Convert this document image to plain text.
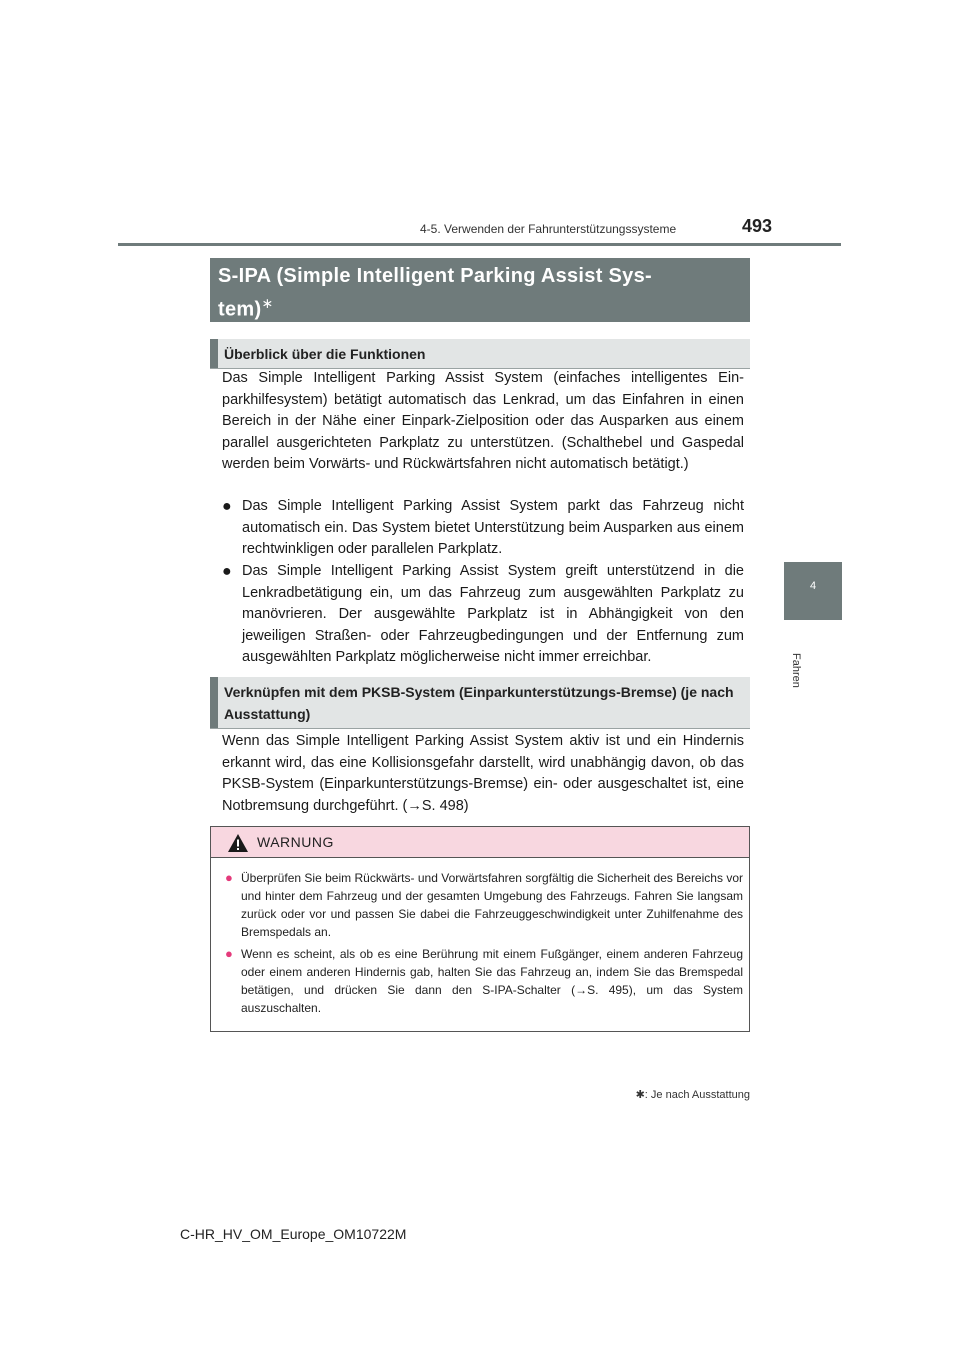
4-5. Verwenden der Fahrunterstützungssysteme	493
4
Fahren
S-IPA (Simple Intelligent Parking Assist Sys-
tem)∗
Überblick über die Funktionen
Das Simple Intelligent Parking Assist System (einfaches intelligentes Einparkhilfesystem) betätigt automatisch das Lenkrad, um das Einfahren in einen Bereich in der Nähe einer Einpark-Zielposition oder das Ausparken aus einem parallel ausgerichteten Parkplatz zu unterstützen. (Schalthebel und Gaspedal werden beim Vorwärts- und Rückwärtsfahren nicht automatisch betätigt.)
● Das Simple Intelligent Parking Assist System parkt das Fahrzeug nicht automatisch ein. Das System bietet Unterstützung beim Ausparken aus einem rechtwinkligen oder parallelen Parkplatz.
● Das Simple Intelligent Parking Assist System greift unterstützend in die Lenkradbetätigung ein, um das Fahrzeug zum ausgewählten Parkplatz zu manövrieren. Der ausgewählte Parkplatz ist in Abhängigkeit von den jeweiligen Straßen- oder Fahrzeugbedingungen und der Entfernung zum ausgewählten Parkplatz möglicherweise nicht immer erreichbar.
Verknüpfen mit dem PKSB-System (Einparkunterstützungs-Bremse) (je nach Ausstattung)
Wenn das Simple Intelligent Parking Assist System aktiv ist und ein Hindernis erkannt wird, das eine Kollisionsgefahr darstellt, wird unabhängig davon, ob das PKSB-System (Einparkunterstützungs-Bremse) ein- oder ausgeschaltet ist, eine Notbremsung durchgeführt. (→S. 498)
WARNUNG
● Überprüfen Sie beim Rückwärts- und Vorwärtsfahren sorgfältig die Sicherheit des Bereichs vor und hinter dem Fahrzeug und der gesamten Umgebung des Fahrzeugs. Fahren Sie langsam zurück oder vor und passen Sie dabei die Fahrzeuggeschwindigkeit unter Zuhilfenahme des Bremspedals an.
● Wenn es scheint, als ob es eine Berührung mit einem Fußgänger, einem anderen Fahrzeug oder einem anderen Hindernis gab, halten Sie das Fahrzeug an, indem Sie das Bremspedal betätigen, und drücken Sie dann den S-IPA-Schalter (→S. 495), um das System auszuschalten.
✱: Je nach Ausstattung
C-HR_HV_OM_Europe_OM10722M
